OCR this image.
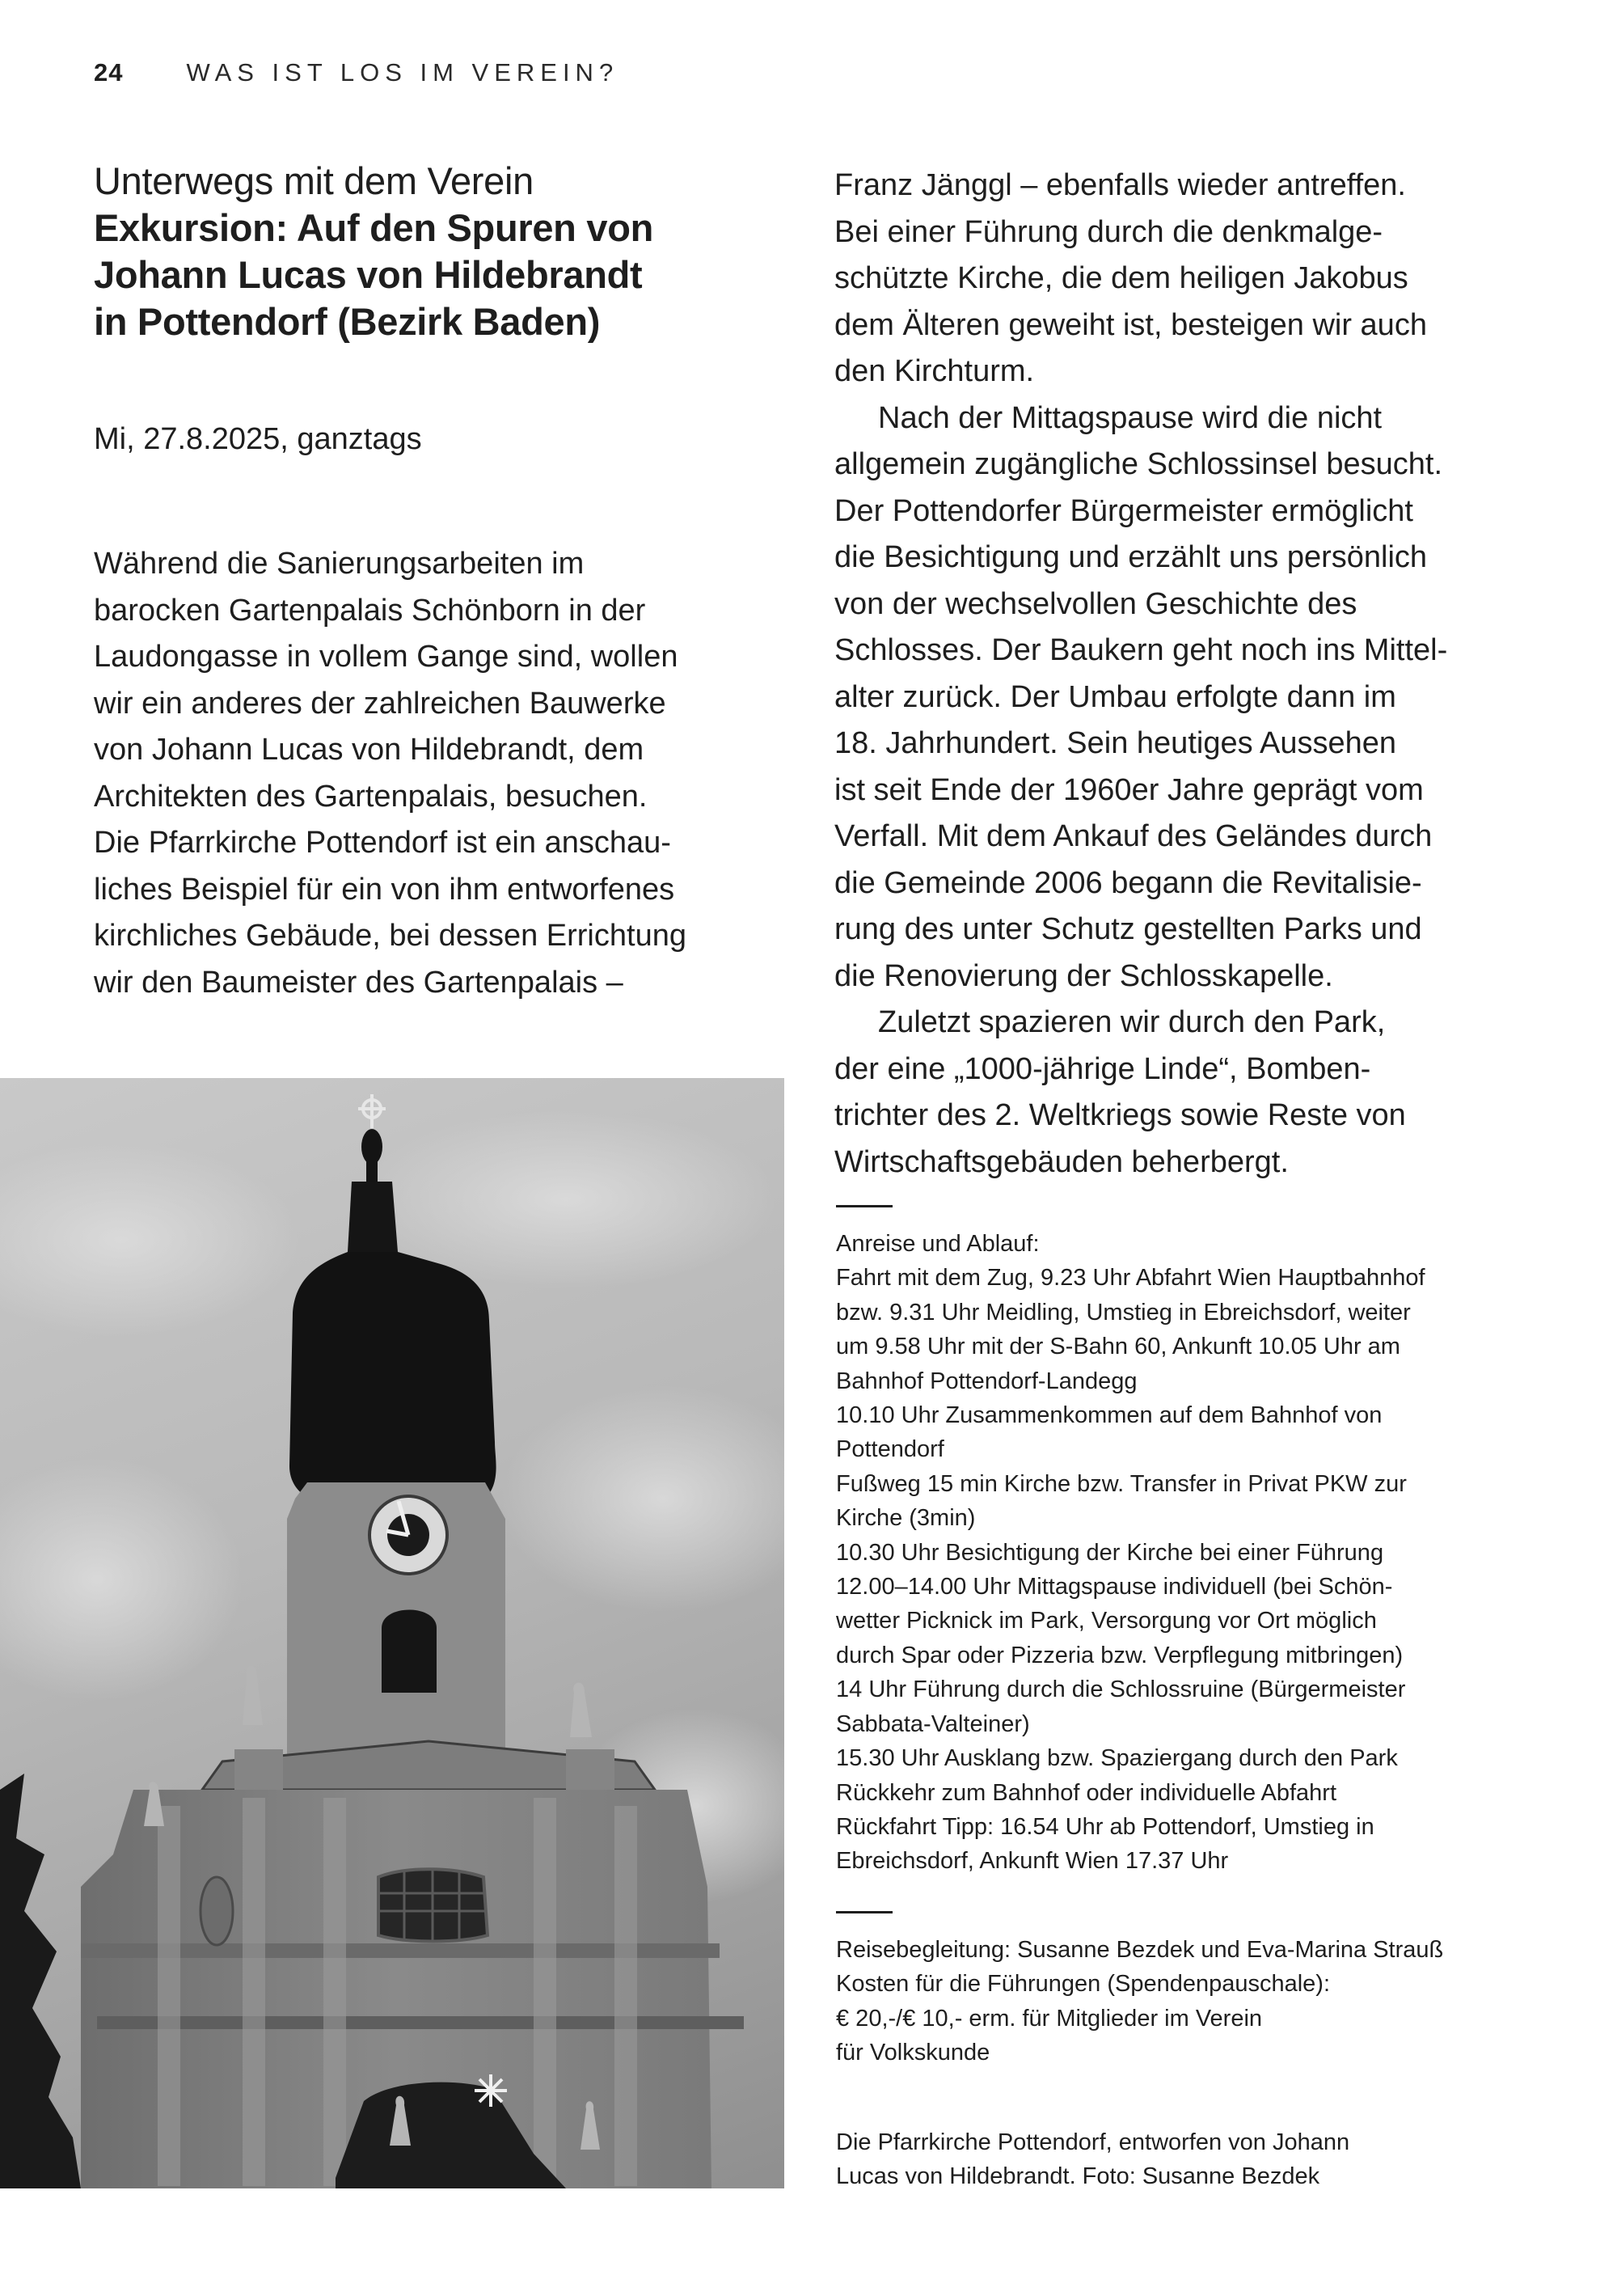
24	WAS IST LOS IM VEREIN?
Unterwegs mit dem Verein
Exkursion: Auf den Spuren von
Johann Lucas von Hildebrandt
in Pottendorf (Bezirk Baden)
Mi, 27.8.2025, ganztags

Während die Sanierungsarbeiten im
barocken Gartenpalais Schönborn in der
Laudongasse in vollem Gange sind, wollen
wir ein anderes der zahlreichen Bauwerke
von Johann Lucas von Hildebrandt, dem
Architekten des Gartenpalais, besuchen.
Die Pfarrkirche Pottendorf ist ein anschau-
liches Beispiel für ein von ihm entworfenes
kirchliches Gebäude, bei dessen Errichtung
wir den Baumeister des Gartenpalais –

Franz Jänggl – ebenfalls wieder antreffen.
Bei einer Führung durch die denkmalge-
schützte Kirche, die dem heiligen Jakobus
dem Älteren geweiht ist, besteigen wir auch
den Kirchturm.
Nach der Mittagspause wird die nicht
allgemein zugängliche Schlossinsel besucht.
Der Pottendorfer Bürgermeister ermöglicht
die Besichtigung und erzählt uns persönlich
von der wechselvollen Geschichte des
Schlosses. Der Baukern geht noch ins Mittel-
alter zurück. Der Umbau erfolgte dann im
18. Jahrhundert. Sein heutiges Aussehen
ist seit Ende der 1960er Jahre geprägt vom
Verfall. Mit dem Ankauf des Geländes durch
die Gemeinde 2006 begann die Revitalisie-
rung des unter Schutz gestellten Parks und
die Renovierung der Schlosskapelle.
Zuletzt spazieren wir durch den Park,
der eine „1000-jährige Linde“, Bomben-
trichter des 2. Weltkriegs sowie Reste von
Wirtschaftsgebäuden beherbergt.
Anreise und Ablauf:
Fahrt mit dem Zug, 9.23 Uhr Abfahrt Wien Hauptbahnhof
bzw. 9.31 Uhr Meidling, Umstieg in Ebreichsdorf, weiter
um 9.58 Uhr mit der S-Bahn 60, Ankunft 10.05 Uhr am
Bahnhof Pottendorf-Landegg
10.10 Uhr Zusammenkommen auf dem Bahnhof von
Pottendorf
Fußweg 15 min Kirche bzw. Transfer in Privat PKW zur
Kirche (3min)
10.30 Uhr Besichtigung der Kirche bei einer Führung
12.00–14.00 Uhr Mittagspause individuell (bei Schön-
wetter Picknick im Park, Versorgung vor Ort möglich
durch Spar oder Pizzeria bzw. Verpflegung mitbringen)
14 Uhr Führung durch die Schlossruine (Bürgermeister
Sabbata-Valteiner)
15.30 Uhr Ausklang bzw. Spaziergang durch den Park
Rückkehr zum Bahnhof oder individuelle Abfahrt
Rückfahrt Tipp: 16.54 Uhr ab Pottendorf, Umstieg in
Ebreichsdorf, Ankunft Wien 17.37 Uhr
Reisebegleitung: Susanne Bezdek und Eva-Marina Strauß
Kosten für die Führungen (Spendenpauschale):
€ 20,-/€ 10,- erm. für Mitglieder im Verein
für Volkskunde
Die Pfarrkirche Pottendorf, entworfen von Johann
Lucas von Hildebrandt. Foto: Susanne Bezdek
